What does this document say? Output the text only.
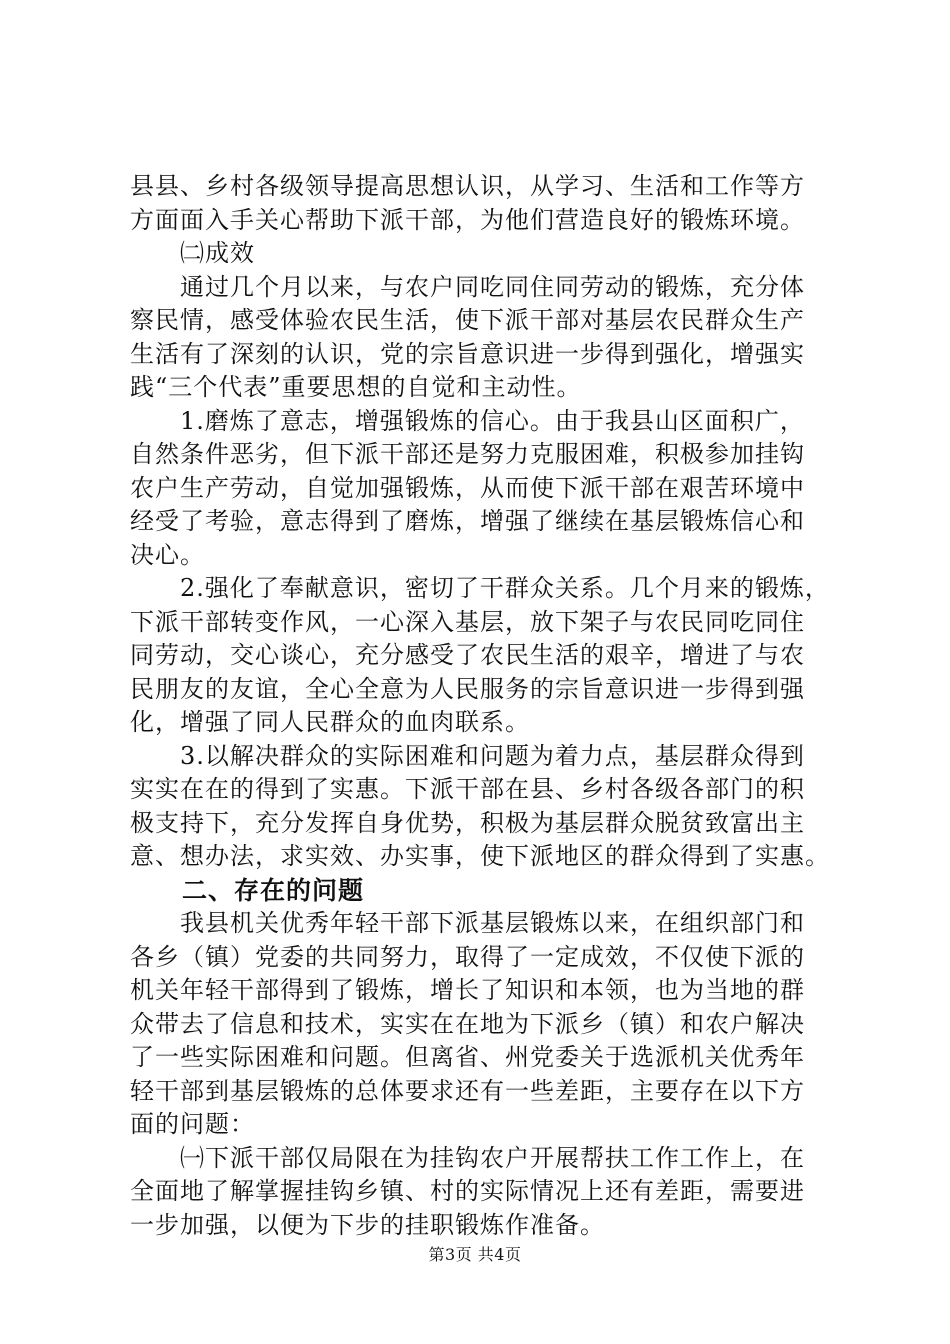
县县、乡村各级领导提高思想认识，从学习、生活和工作等方
方面面入手关心帮助下派干部，为他们营造良好的锻炼环境。
　　㈡成效
　　通过几个月以来，与农户同吃同住同劳动的锻炼，充分体
察民情，感受体验农民生活，使下派干部对基层农民群众生产
生活有了深刻的认识，党的宗旨意识进一步得到强化，增强实
践“三个代表”重要思想的自觉和主动性。
　　1.磨炼了意志，增强锻炼的信心。由于我县山区面积广，
自然条件恶劣，但下派干部还是努力克服困难，积极参加挂钩
农户生产劳动，自觉加强锻炼，从而使下派干部在艰苦环境中
经受了考验，意志得到了磨炼，增强了继续在基层锻炼信心和
决心。
　　2.强化了奉献意识，密切了干群众关系。几个月来的锻炼，
下派干部转变作风，一心深入基层，放下架子与农民同吃同住
同劳动，交心谈心，充分感受了农民生活的艰辛，增进了与农
民朋友的友谊，全心全意为人民服务的宗旨意识进一步得到强
化，增强了同人民群众的血肉联系。
　　3.以解决群众的实际困难和问题为着力点，基层群众得到
实实在在的得到了实惠。下派干部在县、乡村各级各部门的积
极支持下，充分发挥自身优势，积极为基层群众脱贫致富出主
意、想办法，求实效、办实事，使下派地区的群众得到了实惠。
　　二、存在的问题
　　我县机关优秀年轻干部下派基层锻炼以来，在组织部门和
各乡（镇）党委的共同努力，取得了一定成效，不仅使下派的
机关年轻干部得到了锻炼，增长了知识和本领，也为当地的群
众带去了信息和技术，实实在在地为下派乡（镇）和农户解决
了一些实际困难和问题。但离省、州党委关于选派机关优秀年
轻干部到基层锻炼的总体要求还有一些差距，主要存在以下方
面的问题：
　　㈠下派干部仅局限在为挂钩农户开展帮扶工作工作上，在
全面地了解掌握挂钩乡镇、村的实际情况上还有差距，需要进
一步加强，以便为下步的挂职锻炼作准备。
第3页 共4页
